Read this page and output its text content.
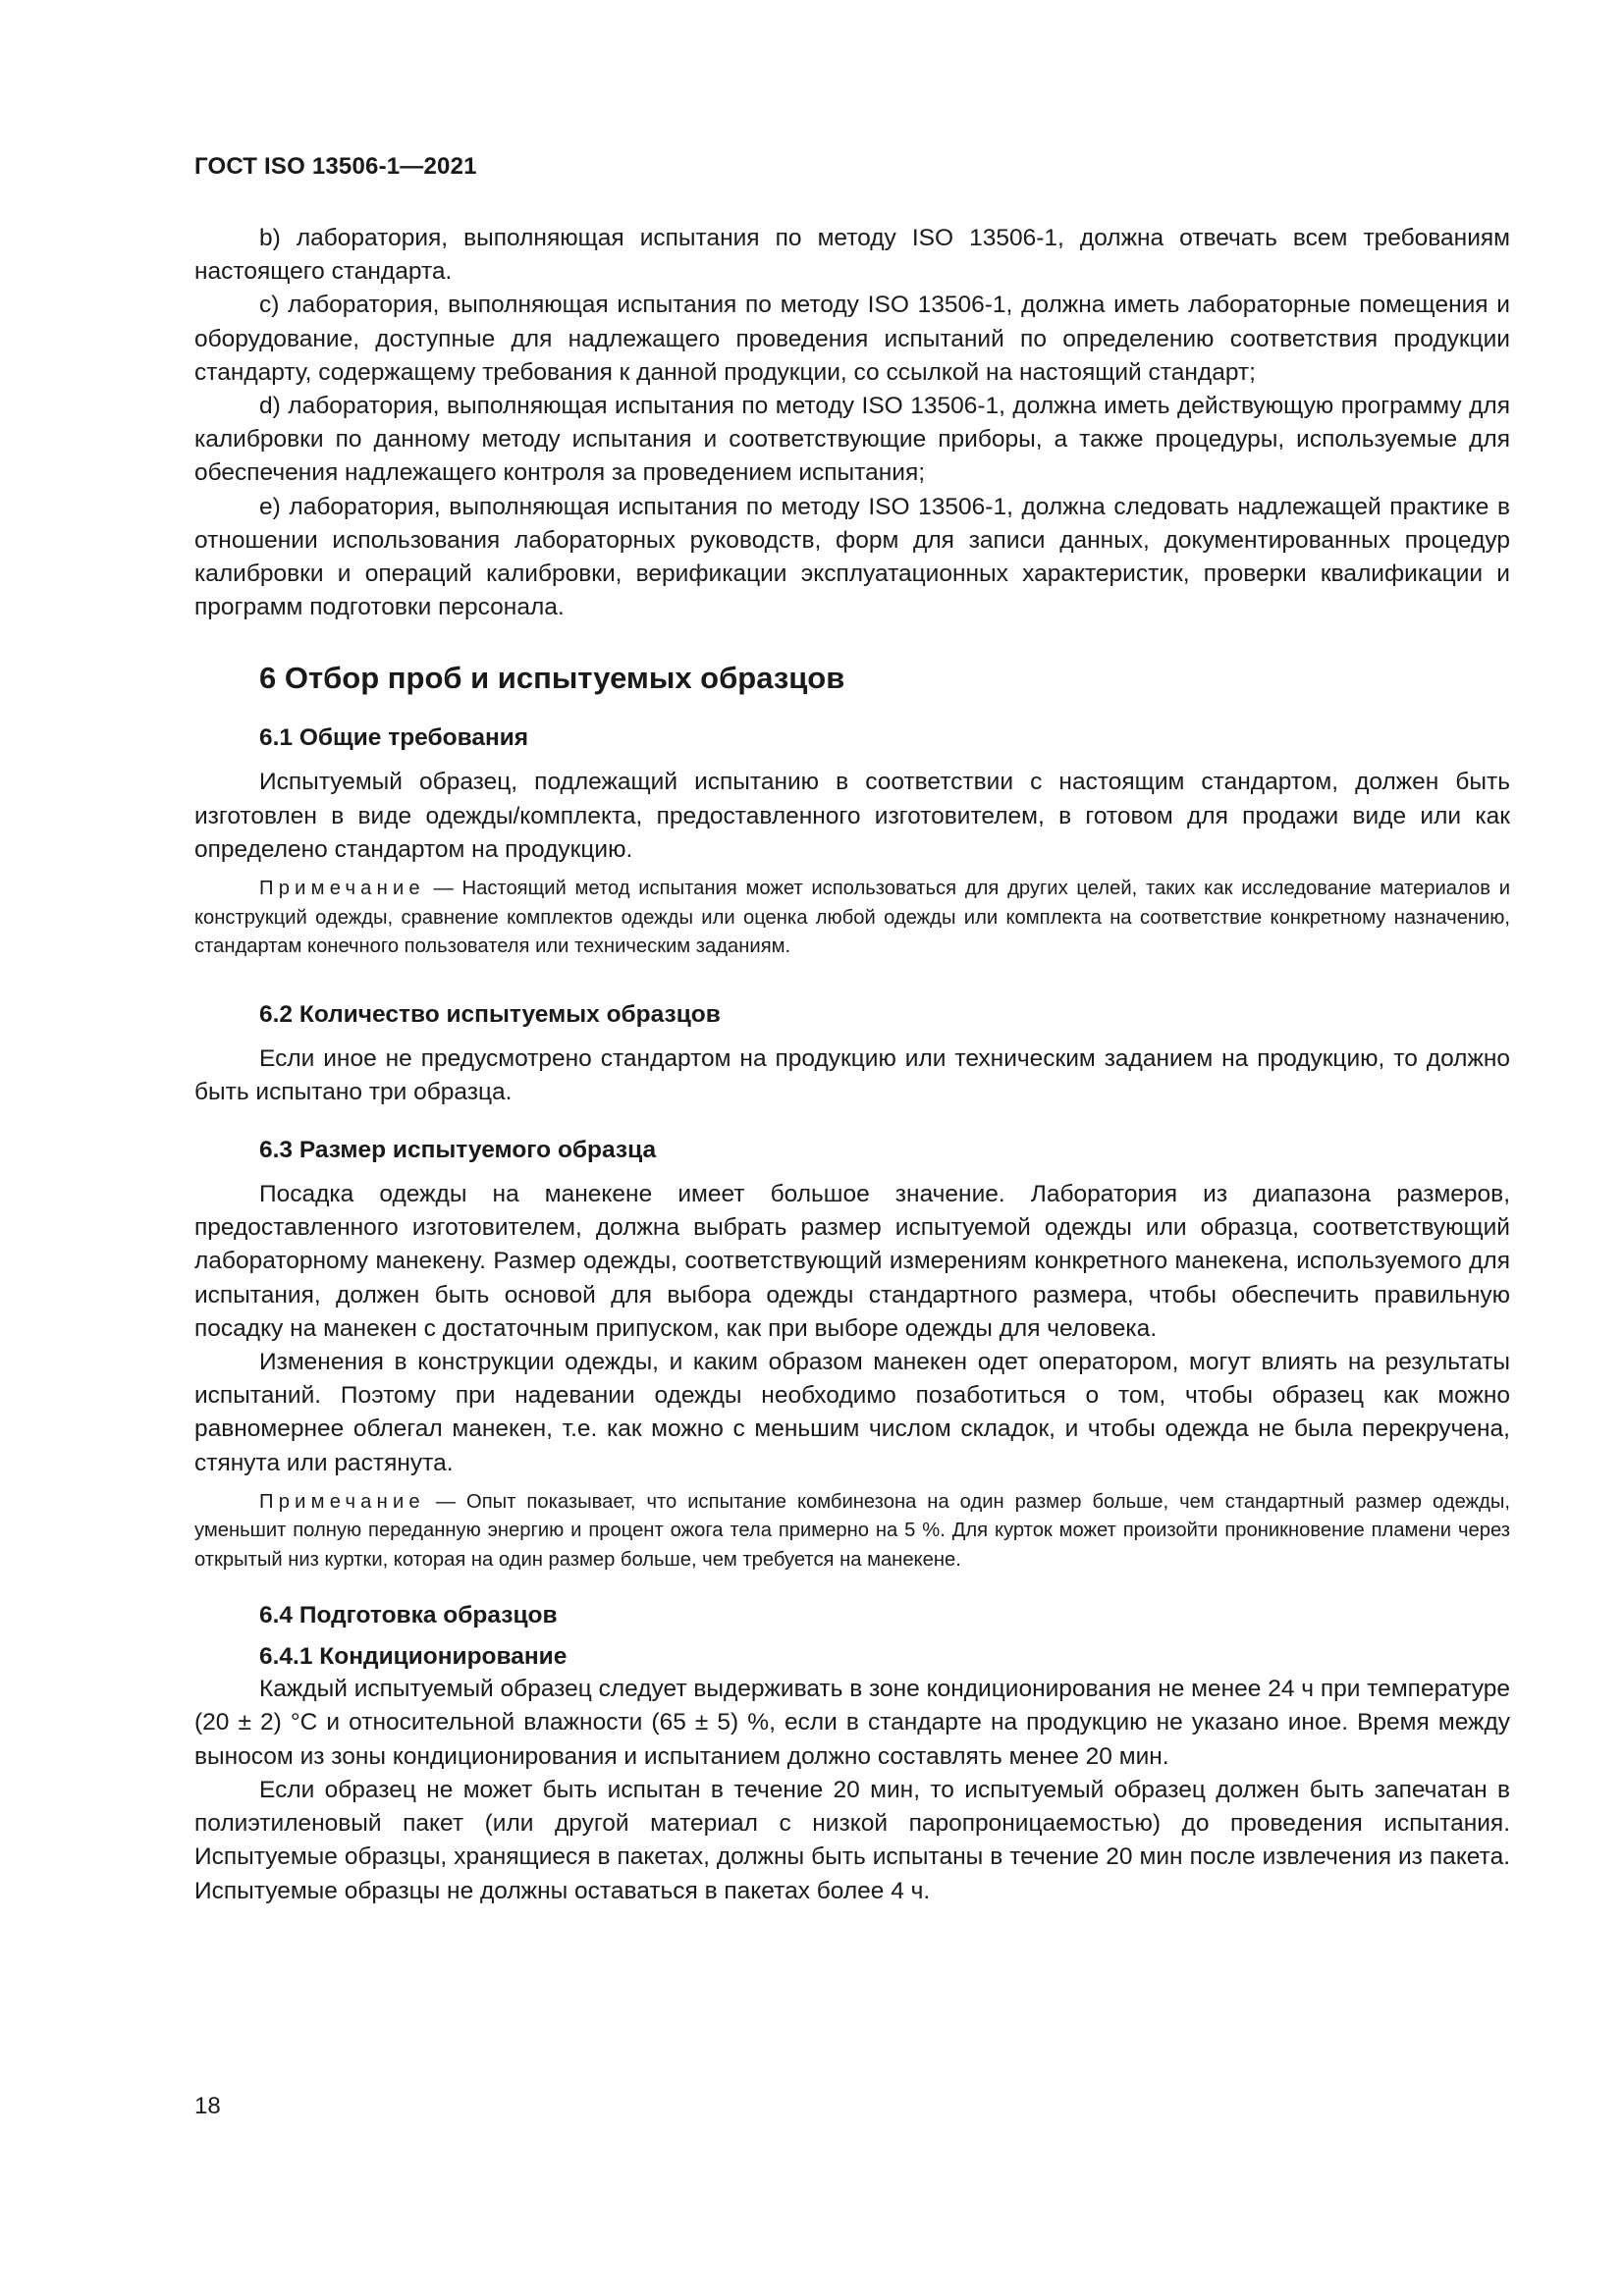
ГОСТ ISO 13506-1—2021

b) лаборатория, выполняющая испытания по методу ISO 13506-1, должна отвечать всем требованиям настоящего стандарта.

c) лаборатория, выполняющая испытания по методу ISO 13506-1, должна иметь лабораторные помещения и оборудование, доступные для надлежащего проведения испытаний по определению соответствия продукции стандарту, содержащему требования к данной продукции, со ссылкой на настоящий стандарт;

d) лаборатория, выполняющая испытания по методу ISO 13506-1, должна иметь действующую программу для калибровки по данному методу испытания и соответствующие приборы, а также процедуры, используемые для обеспечения надлежащего контроля за проведением испытания;

e) лаборатория, выполняющая испытания по методу ISO 13506-1, должна следовать надлежащей практике в отношении использования лабораторных руководств, форм для записи данных, документированных процедур калибровки и операций калибровки, верификации эксплуатационных характеристик, проверки квалификации и программ подготовки персонала.

6 Отбор проб и испытуемых образцов
6.1 Общие требования

Испытуемый образец, подлежащий испытанию в соответствии с настоящим стандартом, должен быть изготовлен в виде одежды/комплекта, предоставленного изготовителем, в готовом для продажи виде или как определено стандартом на продукцию.

Примечание — Настоящий метод испытания может использоваться для других целей, таких как исследование материалов и конструкций одежды, сравнение комплектов одежды или оценка любой одежды или комплекта на соответствие конкретному назначению, стандартам конечного пользователя или техническим заданиям.

6.2 Количество испытуемых образцов

Если иное не предусмотрено стандартом на продукцию или техническим заданием на продукцию, то должно быть испытано три образца.

6.3 Размер испытуемого образца

Посадка одежды на манекене имеет большое значение. Лаборатория из диапазона размеров, предоставленного изготовителем, должна выбрать размер испытуемой одежды или образца, соответствующий лабораторному манекену. Размер одежды, соответствующий измерениям конкретного манекена, используемого для испытания, должен быть основой для выбора одежды стандартного размера, чтобы обеспечить правильную посадку на манекен с достаточным припуском, как при выборе одежды для человека.

Изменения в конструкции одежды, и каким образом манекен одет оператором, могут влиять на результаты испытаний. Поэтому при надевании одежды необходимо позаботиться о том, чтобы образец как можно равномернее облегал манекен, т.е. как можно с меньшим числом складок, и чтобы одежда не была перекручена, стянута или растянута.

Примечание — Опыт показывает, что испытание комбинезона на один размер больше, чем стандартный размер одежды, уменьшит полную переданную энергию и процент ожога тела примерно на 5 %. Для курток может произойти проникновение пламени через открытый низ куртки, которая на один размер больше, чем требуется на манекене.

6.4 Подготовка образцов
6.4.1 Кондиционирование

Каждый испытуемый образец следует выдерживать в зоне кондиционирования не менее 24 ч при температуре (20 ± 2) °С и относительной влажности (65 ± 5) %, если в стандарте на продукцию не указано иное. Время между выносом из зоны кондиционирования и испытанием должно составлять менее 20 мин.

Если образец не может быть испытан в течение 20 мин, то испытуемый образец должен быть запечатан в полиэтиленовый пакет (или другой материал с низкой паропроницаемостью) до проведения испытания. Испытуемые образцы, хранящиеся в пакетах, должны быть испытаны в течение 20 мин после извлечения из пакета. Испытуемые образцы не должны оставаться в пакетах более 4 ч.

18
